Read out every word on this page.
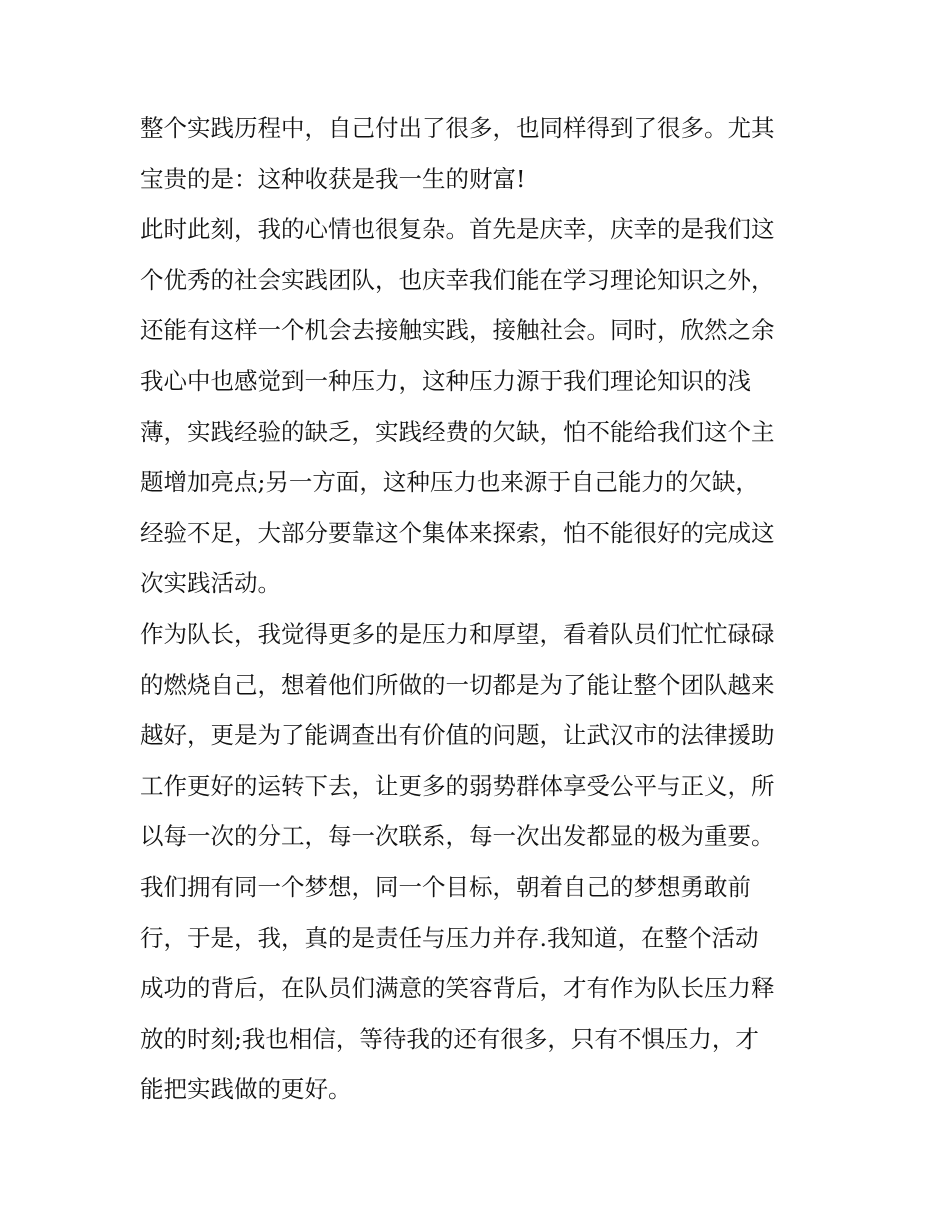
整个实践历程中，自己付出了很多，也同样得到了很多。尤其
宝贵的是：这种收获是我一生的财富!
此时此刻，我的心情也很复杂。首先是庆幸，庆幸的是我们这
个优秀的社会实践团队，也庆幸我们能在学习理论知识之外，
还能有这样一个机会去接触实践，接触社会。同时，欣然之余
我心中也感觉到一种压力，这种压力源于我们理论知识的浅
薄，实践经验的缺乏，实践经费的欠缺，怕不能给我们这个主
题增加亮点;另一方面，这种压力也来源于自己能力的欠缺，
经验不足，大部分要靠这个集体来探索，怕不能很好的完成这
次实践活动。
作为队长，我觉得更多的是压力和厚望，看着队员们忙忙碌碌
的燃烧自己，想着他们所做的一切都是为了能让整个团队越来
越好，更是为了能调查出有价值的问题，让武汉市的法律援助
工作更好的运转下去，让更多的弱势群体享受公平与正义，所
以每一次的分工，每一次联系，每一次出发都显的极为重要。
我们拥有同一个梦想，同一个目标，朝着自己的梦想勇敢前
行，于是，我，真的是责任与压力并存.我知道，在整个活动
成功的背后，在队员们满意的笑容背后，才有作为队长压力释
放的时刻;我也相信，等待我的还有很多，只有不惧压力，才
能把实践做的更好。
